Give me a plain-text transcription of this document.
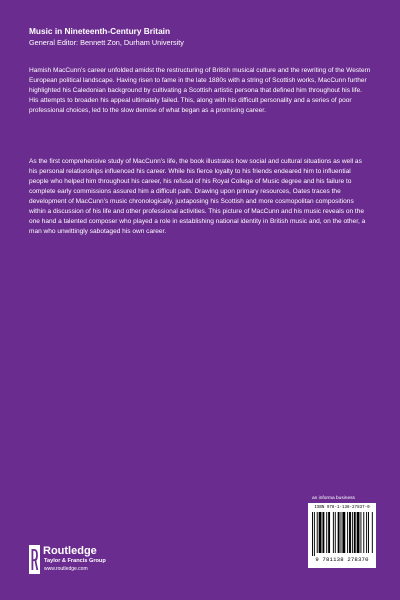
Music in Nineteenth-Century Britain

General Editor: Bennett Zon, Durham University

Hamish MacCunn’s career unfolded amidst the restructuring of British musical culture and the rewriting of the Western European political landscape. Having risen to fame in the late 1880s with a string of Scottish works, MacCunn further highlighted his Caledonian background by cultivating a Scottish artistic persona that defined him throughout his life. His attempts to broaden his appeal ultimately failed. This, along with his difficult personality and a series of poor professional choices, led to the slow demise of what began as a promising career.

As the first comprehensive study of MacCunn’s life, the book illustrates how social and cultural situations as well as his personal relationships influenced his career. While his fierce loyalty to his friends endeared him to influential people who helped him throughout his career, his refusal of his Royal College of Music degree and his failure to complete early commissions assured him a difficult path. Drawing upon primary resources, Oates traces the development of MacCunn’s music chronologically, juxtaposing his Scottish and more cosmopolitan compositions within a discussion of his life and other professional activities. This picture of MacCunn and his music reveals on the one hand a talented composer who played a role in establishing national identity in British music and, on the other, a man who unwittingly sabotaged his own career.

an informa business
ISBN 978-1-138-27837-0
9 781138 278370
Routledge
Taylor & Francis Group
www.routledge.com
